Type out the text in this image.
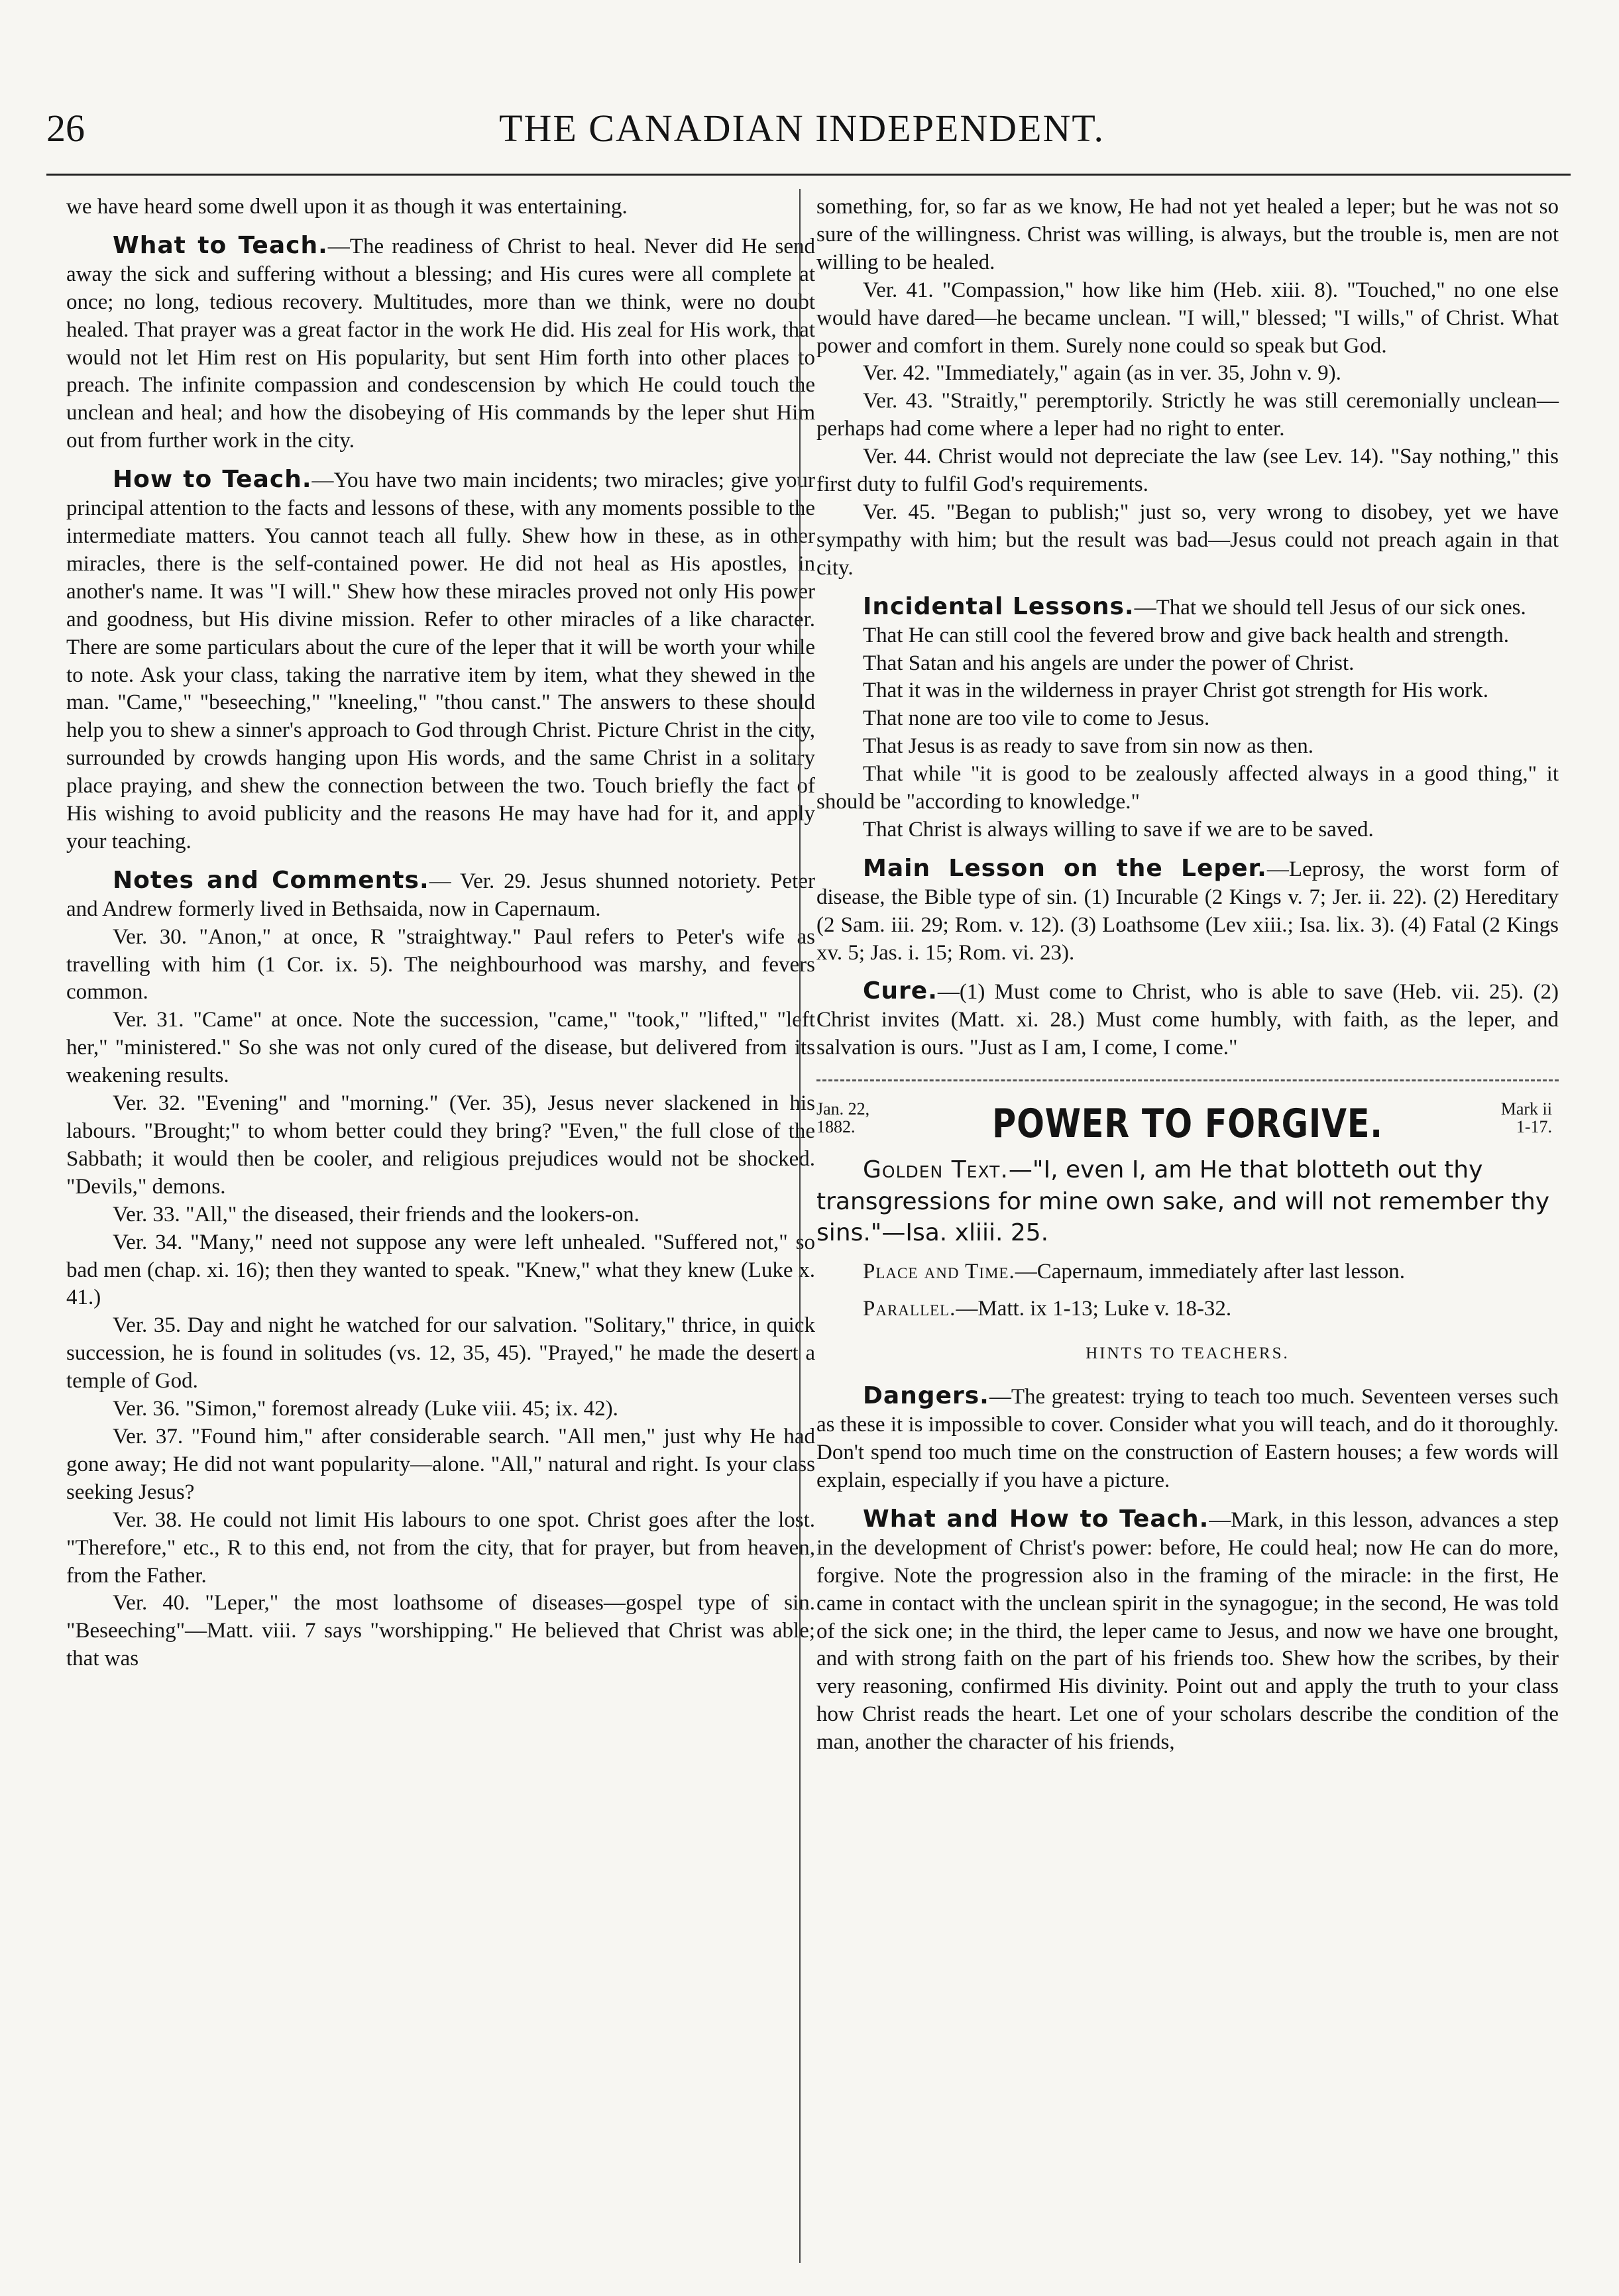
26	THE CANADIAN INDEPENDENT.

we have heard some dwell upon it as though it was entertaining.

What to Teach.—The readiness of Christ to heal. Never did He send away the sick and suffering without a blessing; and His cures were all complete at once; no long, tedious recovery. Multitudes, more than we think, were no doubt healed. That prayer was a great factor in the work He did. His zeal for His work, that would not let Him rest on His popularity, but sent Him forth into other places to preach. The infinite compassion and condescension by which He could touch the unclean and heal; and how the disobeying of His commands by the leper shut Him out from further work in the city.

How to Teach.—You have two main incidents; two miracles; give your principal attention to the facts and lessons of these, with any moments possible to the intermediate matters. You cannot teach all fully. Shew how in these, as in other miracles, there is the self-contained power. He did not heal as His apostles, in another's name. It was "I will." Shew how these miracles proved not only His power and goodness, but His divine mission. Refer to other miracles of a like character. There are some particulars about the cure of the leper that it will be worth your while to note. Ask your class, taking the narrative item by item, what they shewed in the man. "Came," "beseeching," "kneeling," "thou canst." The answers to these should help you to shew a sinner's approach to God through Christ. Picture Christ in the city, surrounded by crowds hanging upon His words, and the same Christ in a solitary place praying, and shew the connection between the two. Touch briefly the fact of His wishing to avoid publicity and the reasons He may have had for it, and apply your teaching.

Notes and Comments.— Ver. 29. Jesus shunned notoriety. Peter and Andrew formerly lived in Bethsaida, now in Capernaum.

Ver. 30. "Anon," at once, R "straightway." Paul refers to Peter's wife as travelling with him (1 Cor. ix. 5). The neighbourhood was marshy, and fevers common.

Ver. 31. "Came" at once. Note the succession, "came," "took," "lifted," "left her," "ministered." So she was not only cured of the disease, but delivered from its weakening results.

Ver. 32. "Evening" and "morning." (Ver. 35), Jesus never slackened in his labours. "Brought;" to whom better could they bring? "Even," the full close of the Sabbath; it would then be cooler, and religious prejudices would not be shocked. "Devils," demons.

Ver. 33. "All," the diseased, their friends and the lookers-on.

Ver. 34. "Many," need not suppose any were left unhealed. "Suffered not," so bad men (chap. xi. 16); then they wanted to speak. "Knew," what they knew (Luke x. 41.)

Ver. 35. Day and night he watched for our salvation. "Solitary," thrice, in quick succession, he is found in solitudes (vs. 12, 35, 45). "Prayed," he made the desert a temple of God.

Ver. 36. "Simon," foremost already (Luke viii. 45; ix. 42).

Ver. 37. "Found him," after considerable search. "All men," just why He had gone away; He did not want popularity—alone. "All," natural and right. Is your class seeking Jesus?

Ver. 38. He could not limit His labours to one spot. Christ goes after the lost. "Therefore," etc., R to this end, not from the city, that for prayer, but from heaven, from the Father.

Ver. 40. "Leper," the most loathsome of diseases—gospel type of sin. "Beseeching"—Matt. viii. 7 says "worshipping." He believed that Christ was able; that was

something, for, so far as we know, He had not yet healed a leper; but he was not so sure of the willingness. Christ was willing, is always, but the trouble is, men are not willing to be healed.

Ver. 41. "Compassion," how like him (Heb. xiii. 8). "Touched," no one else would have dared—he became unclean. "I will," blessed; "I wills," of Christ. What power and comfort in them. Surely none could so speak but God.

Ver. 42. "Immediately," again (as in ver. 35, John v. 9).

Ver. 43. "Straitly," peremptorily. Strictly he was still ceremonially unclean—perhaps had come where a leper had no right to enter.

Ver. 44. Christ would not depreciate the law (see Lev. 14). "Say nothing," this first duty to fulfil God's requirements.

Ver. 45. "Began to publish;" just so, very wrong to disobey, yet we have sympathy with him; but the result was bad—Jesus could not preach again in that city.

Incidental Lessons.—That we should tell Jesus of our sick ones.

That He can still cool the fevered brow and give back health and strength.

That Satan and his angels are under the power of Christ.

That it was in the wilderness in prayer Christ got strength for His work.

That none are too vile to come to Jesus.

That Jesus is as ready to save from sin now as then.

That while "it is good to be zealously affected always in a good thing," it should be "according to knowledge."

That Christ is always willing to save if we are to be saved.

Main Lesson on the Leper.—Leprosy, the worst form of disease, the Bible type of sin. (1) Incurable (2 Kings v. 7; Jer. ii. 22). (2) Hereditary (2 Sam. iii. 29; Rom. v. 12). (3) Loathsome (Lev xiii.; Isa. lix. 3). (4) Fatal (2 Kings xv. 5; Jas. i. 15; Rom. vi. 23).

Cure.—(1) Must come to Christ, who is able to save (Heb. vii. 25). (2) Christ invites (Matt. xi. 28.) Must come humbly, with faith, as the leper, and salvation is ours. "Just as I am, I come, I come."

Jan. 22,
1882.	POWER TO FORGIVE.	Mark ii
1-17.

Golden Text.—"I, even I, am He that blotteth out thy transgressions for mine own sake, and will not remember thy sins."—Isa. xliii. 25.

Place and Time.—Capernaum, immediately after last lesson.

Parallel.—Matt. ix 1-13; Luke v. 18-32.

HINTS TO TEACHERS.

Dangers.—The greatest: trying to teach too much. Seventeen verses such as these it is impossible to cover. Consider what you will teach, and do it thoroughly. Don't spend too much time on the construction of Eastern houses; a few words will explain, especially if you have a picture.

What and How to Teach.—Mark, in this lesson, advances a step in the development of Christ's power: before, He could heal; now He can do more, forgive. Note the progression also in the framing of the miracle: in the first, He came in contact with the unclean spirit in the synagogue; in the second, He was told of the sick one; in the third, the leper came to Jesus, and now we have one brought, and with strong faith on the part of his friends too. Shew how the scribes, by their very reasoning, confirmed His divinity. Point out and apply the truth to your class how Christ reads the heart. Let one of your scholars describe the condition of the man, another the character of his friends,
